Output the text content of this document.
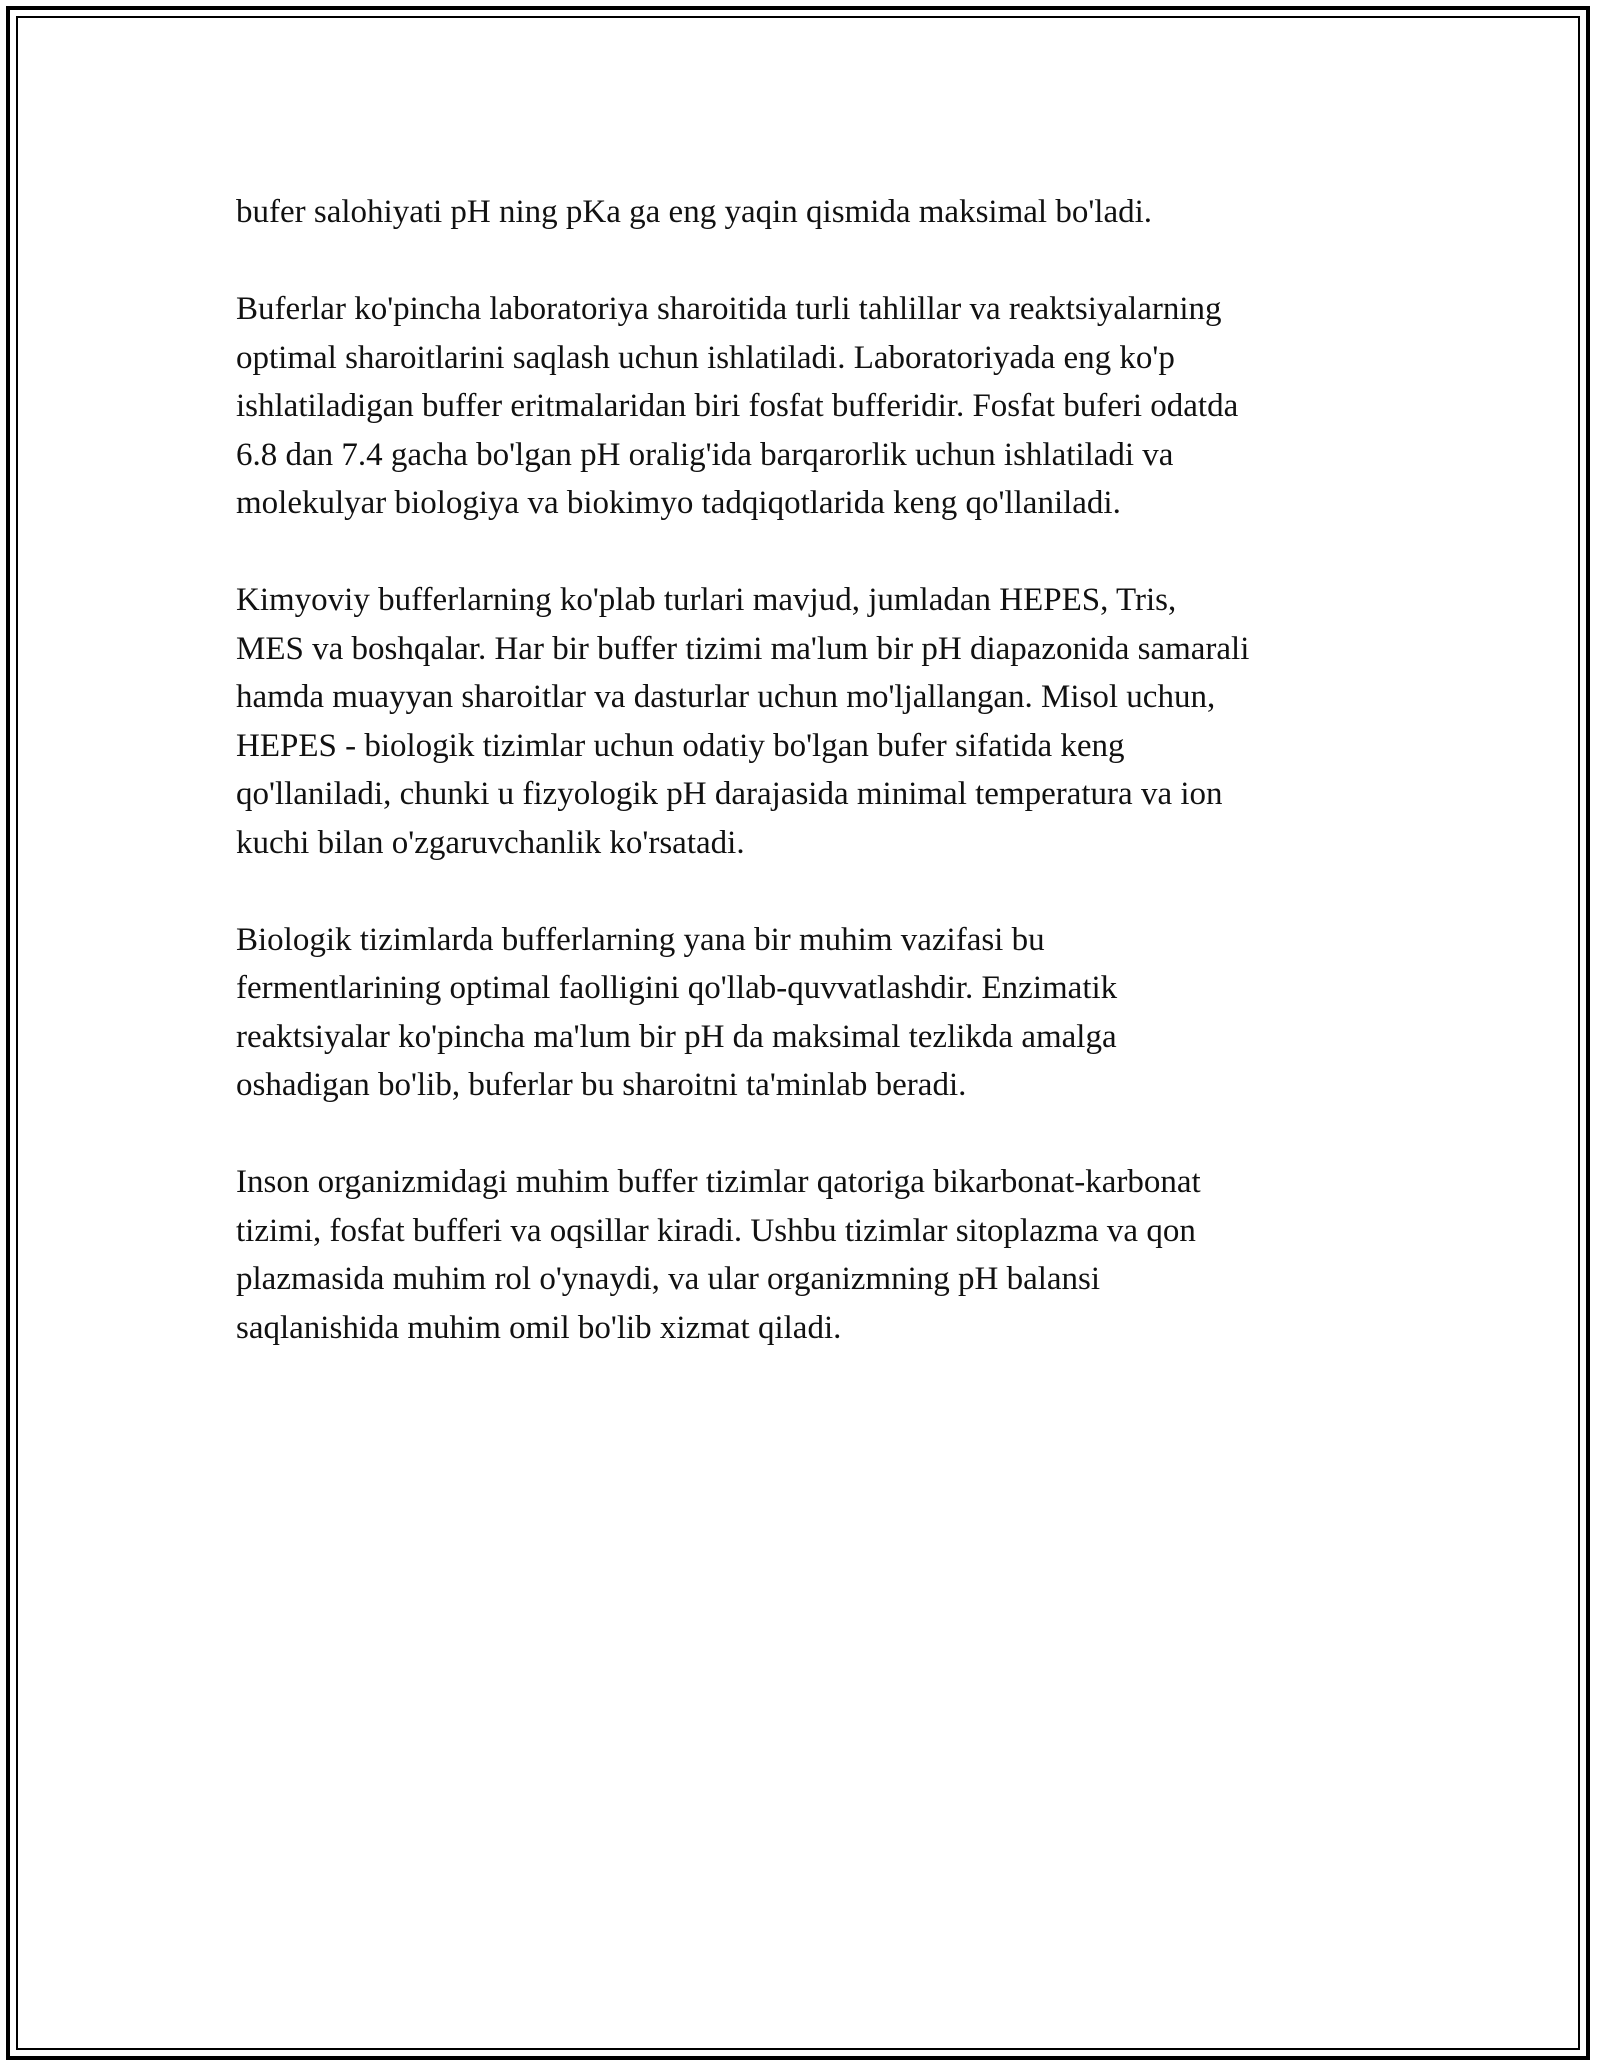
bufer salohiyati pH ning pKa ga eng yaqin qismida maksimal bo'ladi.

Buferlar ko'pincha laboratoriya sharoitida turli tahlillar va reaktsiyalarning
optimal sharoitlarini saqlash uchun ishlatiladi. Laboratoriyada eng ko'p
ishlatiladigan buffer eritmalaridan biri fosfat bufferidir. Fosfat buferi odatda
6.8 dan 7.4 gacha bo'lgan pH oralig'ida barqarorlik uchun ishlatiladi va
molekulyar biologiya va biokimyo tadqiqotlarida keng qo'llaniladi.

Kimyoviy bufferlarning ko'plab turlari mavjud, jumladan HEPES, Tris,
MES va boshqalar. Har bir buffer tizimi ma'lum bir pH diapazonida samarali
hamda muayyan sharoitlar va dasturlar uchun mo'ljallangan. Misol uchun,
HEPES - biologik tizimlar uchun odatiy bo'lgan bufer sifatida keng
qo'llaniladi, chunki u fizyologik pH darajasida minimal temperatura va ion
kuchi bilan o'zgaruvchanlik ko'rsatadi.

Biologik tizimlarda bufferlarning yana bir muhim vazifasi bu
fermentlarining optimal faolligini qo'llab-quvvatlashdir. Enzimatik
reaktsiyalar ko'pincha ma'lum bir pH da maksimal tezlikda amalga
oshadigan bo'lib, buferlar bu sharoitni ta'minlab beradi.

Inson organizmidagi muhim buffer tizimlar qatoriga bikarbonat-karbonat
tizimi, fosfat bufferi va oqsillar kiradi. Ushbu tizimlar sitoplazma va qon
plazmasida muhim rol o'ynaydi, va ular organizmning pH balansi
saqlanishida muhim omil bo'lib xizmat qiladi.
